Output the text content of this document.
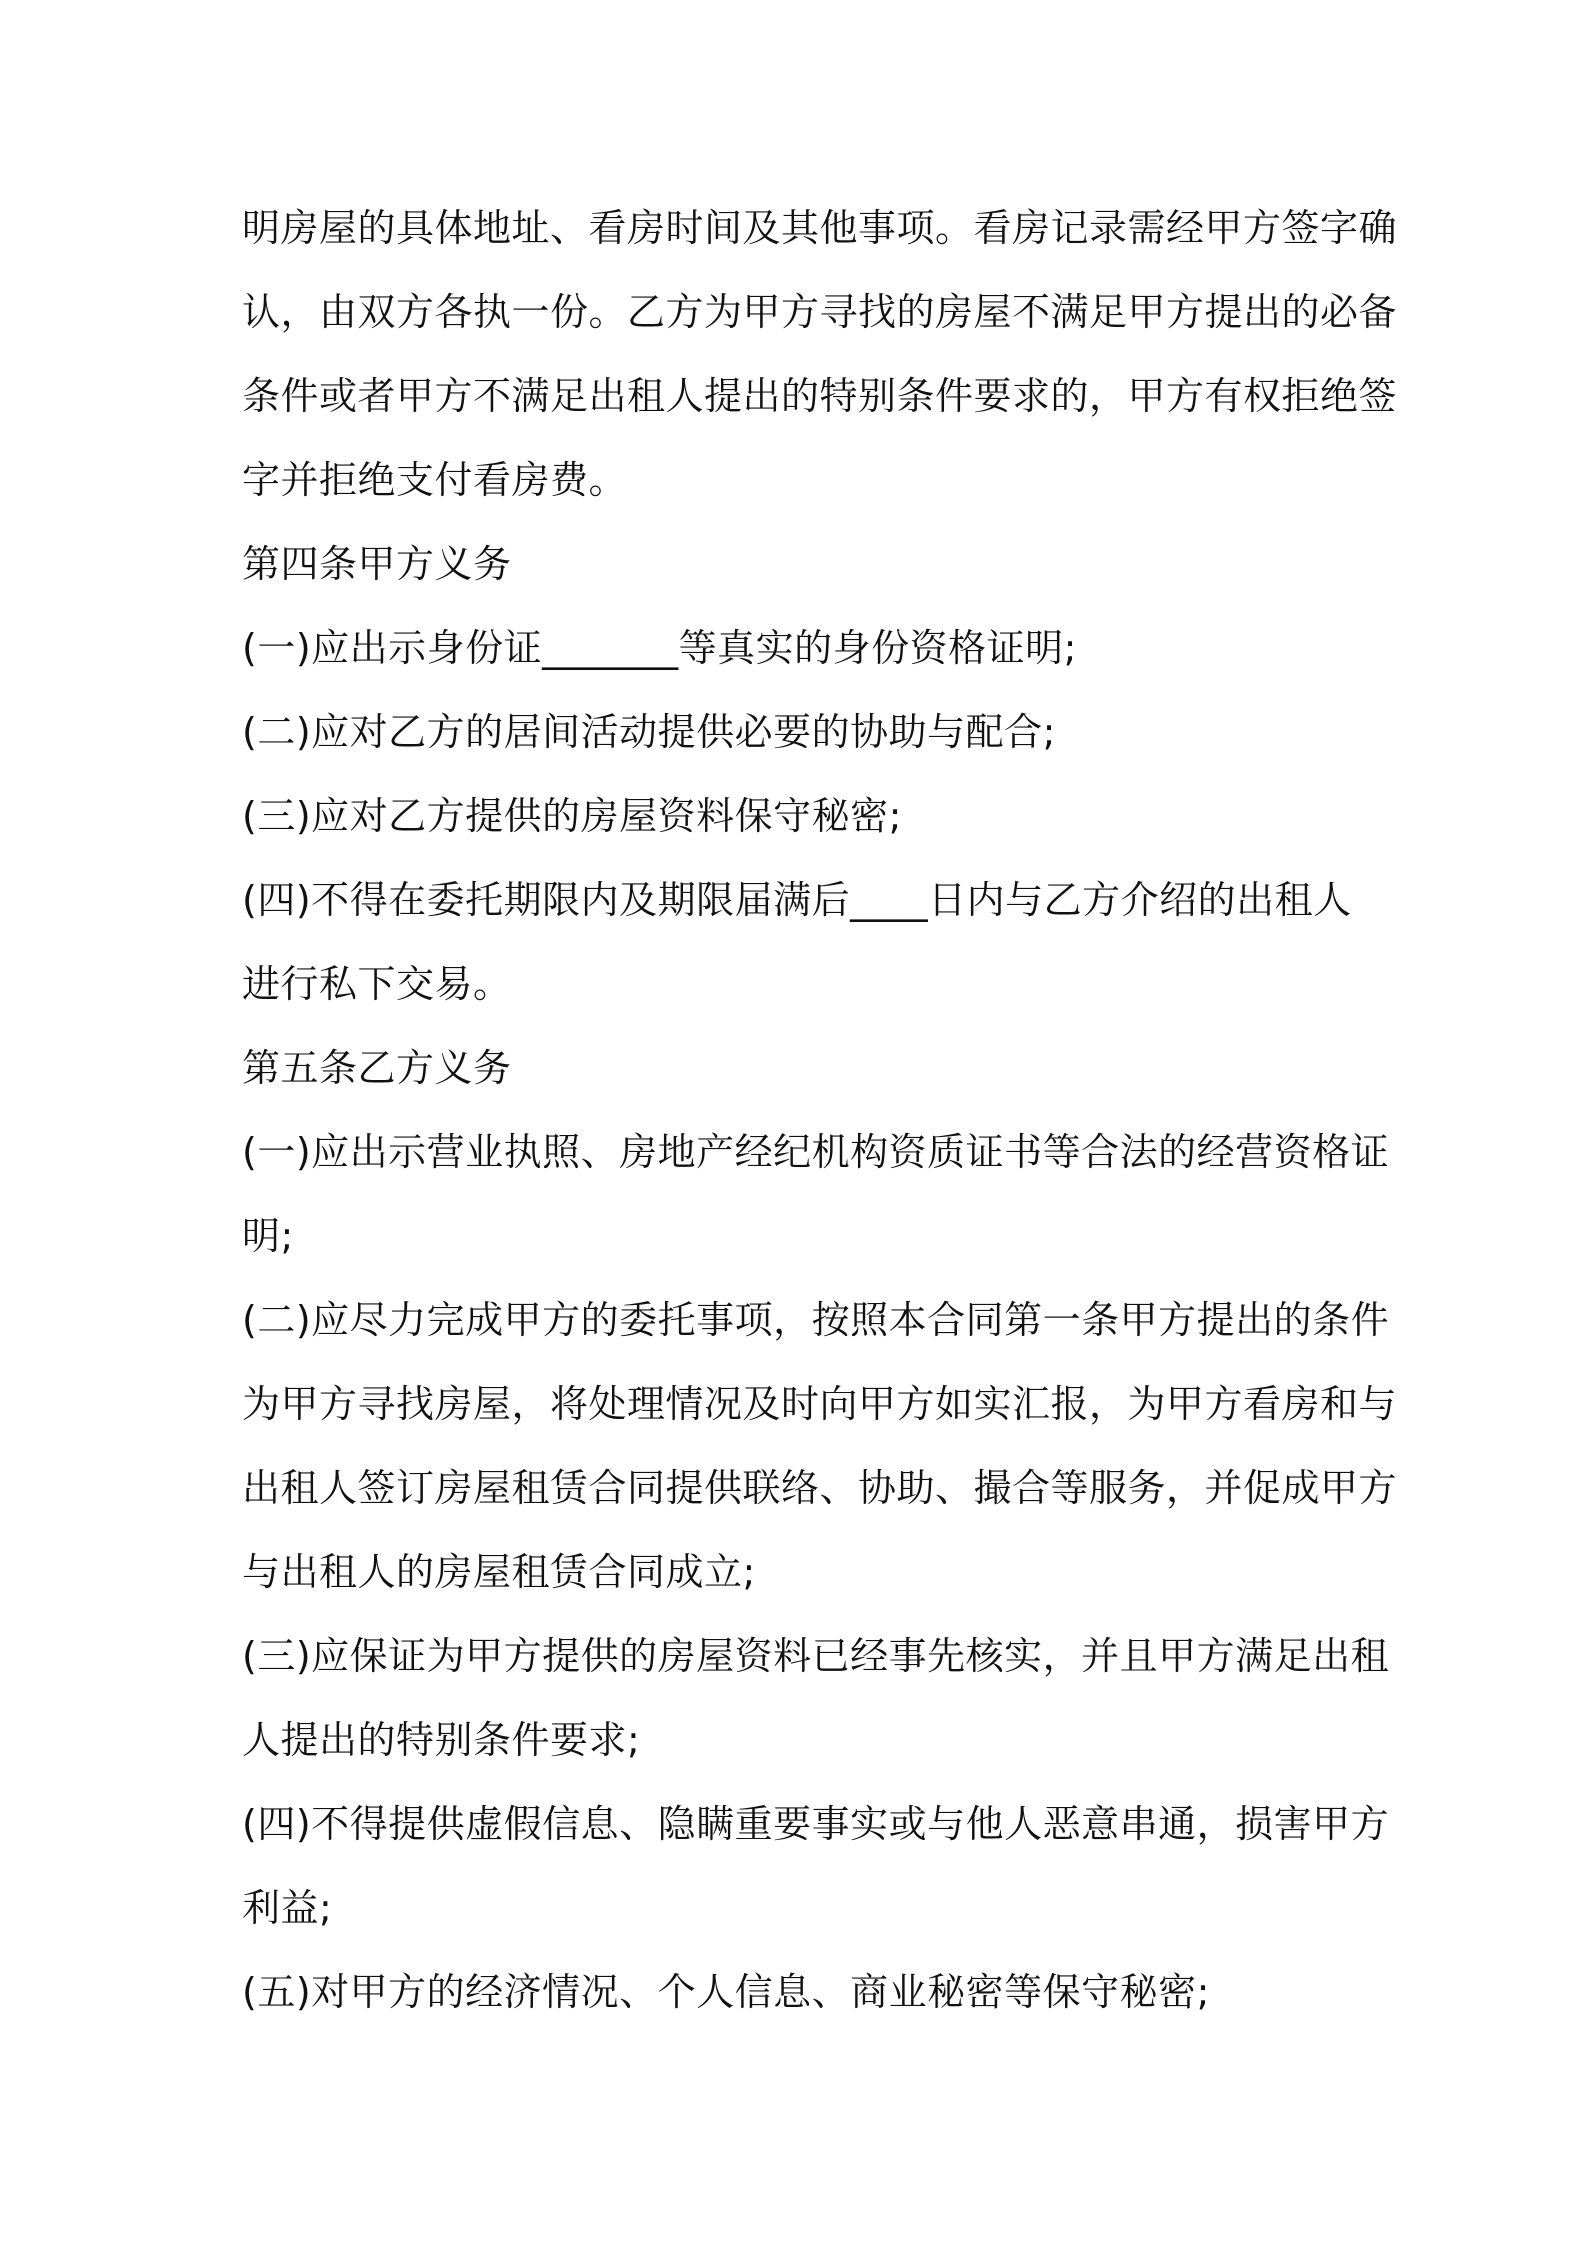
明房屋的具体地址、看房时间及其他事项。看房记录需经甲方签字确
认，由双方各执一份。乙方为甲方寻找的房屋不满足甲方提出的必备
条件或者甲方不满足出租人提出的特别条件要求的，甲方有权拒绝签
字并拒绝支付看房费。
第四条甲方义务
(一)应出示身份证_______等真实的身份资格证明;
(二)应对乙方的居间活动提供必要的协助与配合;
(三)应对乙方提供的房屋资料保守秘密;
(四)不得在委托期限内及期限届满后____日内与乙方介绍的出租人
进行私下交易。
第五条乙方义务
(一)应出示营业执照、房地产经纪机构资质证书等合法的经营资格证
明;
(二)应尽力完成甲方的委托事项，按照本合同第一条甲方提出的条件
为甲方寻找房屋，将处理情况及时向甲方如实汇报，为甲方看房和与
出租人签订房屋租赁合同提供联络、协助、撮合等服务，并促成甲方
与出租人的房屋租赁合同成立;
(三)应保证为甲方提供的房屋资料已经事先核实，并且甲方满足出租
人提出的特别条件要求;
(四)不得提供虚假信息、隐瞒重要事实或与他人恶意串通，损害甲方
利益;
(五)对甲方的经济情况、个人信息、商业秘密等保守秘密;
